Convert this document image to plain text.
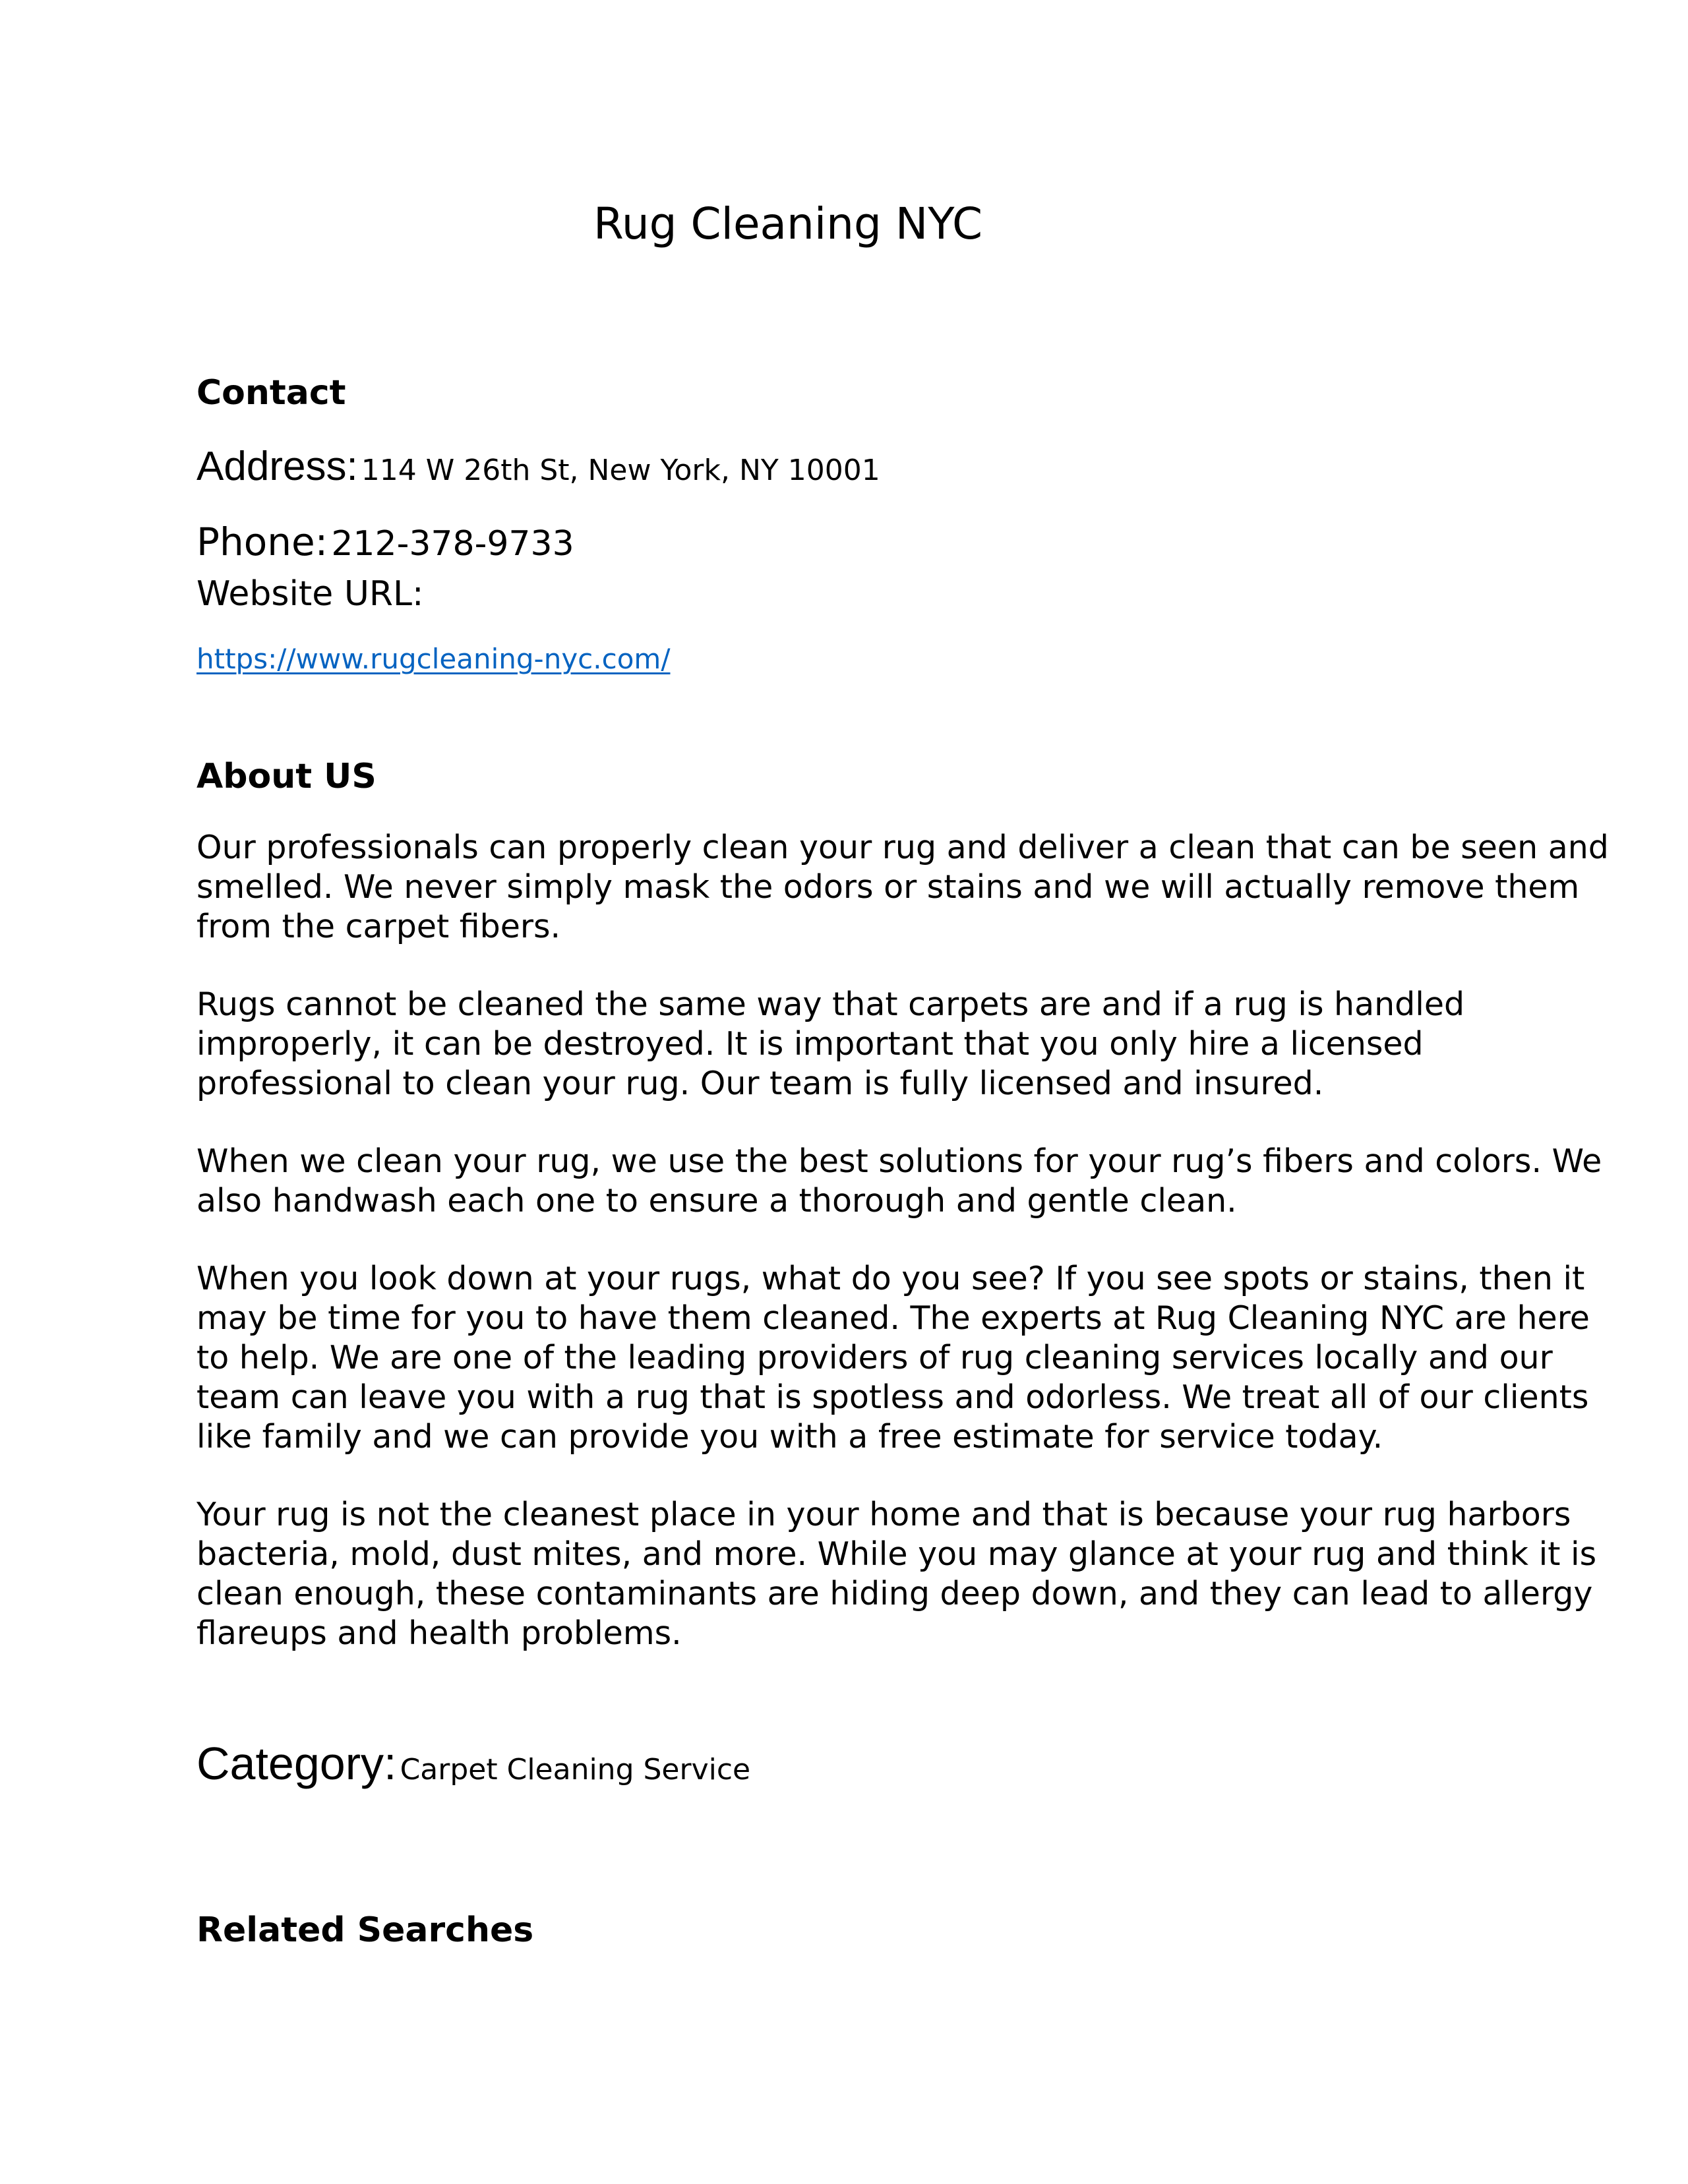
Rug Cleaning NYC
Contact
Address: 114 W 26th St, New York, NY 10001
Phone: 212-378-9733
Website URL:
https://www.rugcleaning-nyc.com/
About US

Our professionals can properly clean your rug and deliver a clean that can be seen and
smelled. We never simply mask the odors or stains and we will actually remove them
from the carpet fibers.

Rugs cannot be cleaned the same way that carpets are and if a rug is handled
improperly, it can be destroyed. It is important that you only hire a licensed
professional to clean your rug. Our team is fully licensed and insured.

When we clean your rug, we use the best solutions for your rug’s fibers and colors. We
also handwash each one to ensure a thorough and gentle clean.

When you look down at your rugs, what do you see? If you see spots or stains, then it
may be time for you to have them cleaned. The experts at Rug Cleaning NYC are here
to help. We are one of the leading providers of rug cleaning services locally and our
team can leave you with a rug that is spotless and odorless. We treat all of our clients
like family and we can provide you with a free estimate for service today.

Your rug is not the cleanest place in your home and that is because your rug harbors
bacteria, mold, dust mites, and more. While you may glance at your rug and think it is
clean enough, these contaminants are hiding deep down, and they can lead to allergy
flareups and health problems.

Category: Carpet Cleaning Service
Related Searches
